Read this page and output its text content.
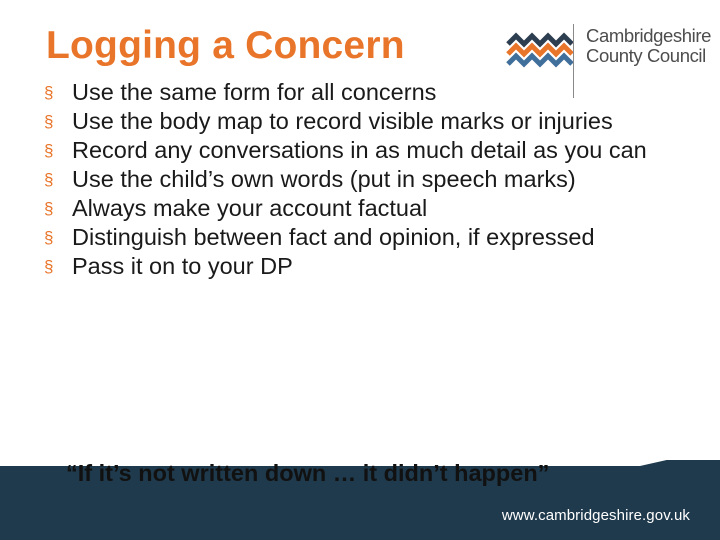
Logging a Concern	Cambridgeshire
County Council
§ Use the same form for all concerns
§ Use the body map to record visible marks or injuries
§ Record any conversations in as much detail as you can
§ Use the child’s own words (put in speech marks)
§ Always make your account factual
§ Distinguish between fact and opinion, if expressed
§ Pass it on to your DP
“If it’s not written down … it didn’t happen”
www.cambridgeshire.gov.uk
